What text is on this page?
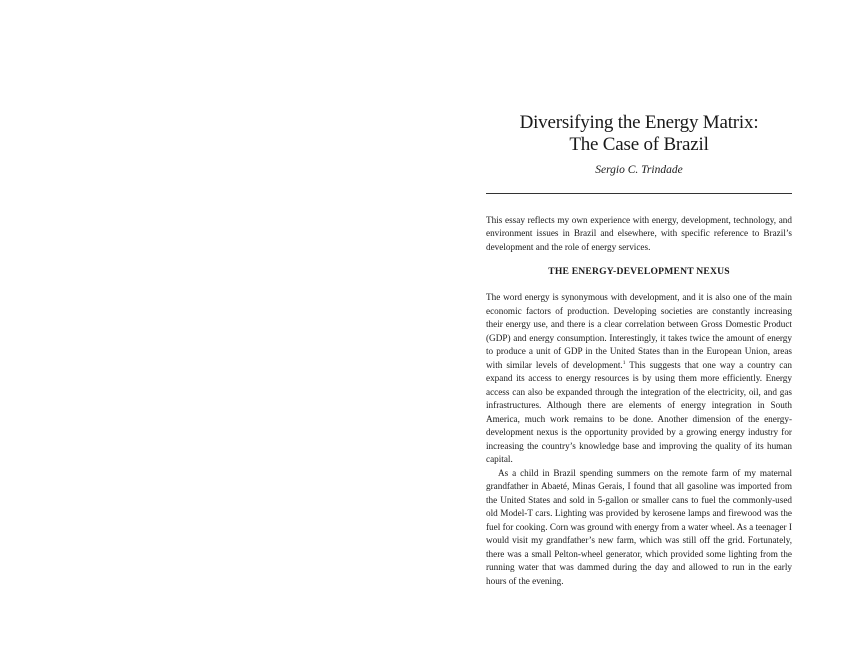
Diversifying the Energy Matrix:
The Case of Brazil
Sergio C. Trindade

This essay reflects my own experience with energy, development, technology, and environment issues in Brazil and elsewhere, with specific reference to Brazil’s development and the role of energy services.

THE ENERGY-DEVELOPMENT NEXUS

The word energy is synonymous with development, and it is also one of the main economic factors of production. Developing societies are constantly increasing their energy use, and there is a clear correlation between Gross Domestic Product (GDP) and energy consumption. Interestingly, it takes twice the amount of energy to produce a unit of GDP in the United States than in the European Union, areas with similar levels of development.$^1$ This suggests that one way a country can expand its access to energy resources is by using them more efficiently. Energy access can also be expanded through the integration of the electricity, oil, and gas infrastructures. Although there are elements of energy integration in South America, much work remains to be done. Another dimension of the energy-development nexus is the opportunity provided by a growing energy industry for increasing the country’s knowledge base and improving the quality of its human capital.

As a child in Brazil spending summers on the remote farm of my maternal grandfather in Abaeté, Minas Gerais, I found that all gasoline was imported from the United States and sold in 5-gallon or smaller cans to fuel the commonly-used old Model-T cars. Lighting was provided by kerosene lamps and firewood was the fuel for cooking. Corn was ground with energy from a water wheel. As a teenager I would visit my grandfather’s new farm, which was still off the grid. Fortunately, there was a small Pelton-wheel generator, which provided some lighting from the running water that was dammed during the day and allowed to run in the early hours of the evening.
